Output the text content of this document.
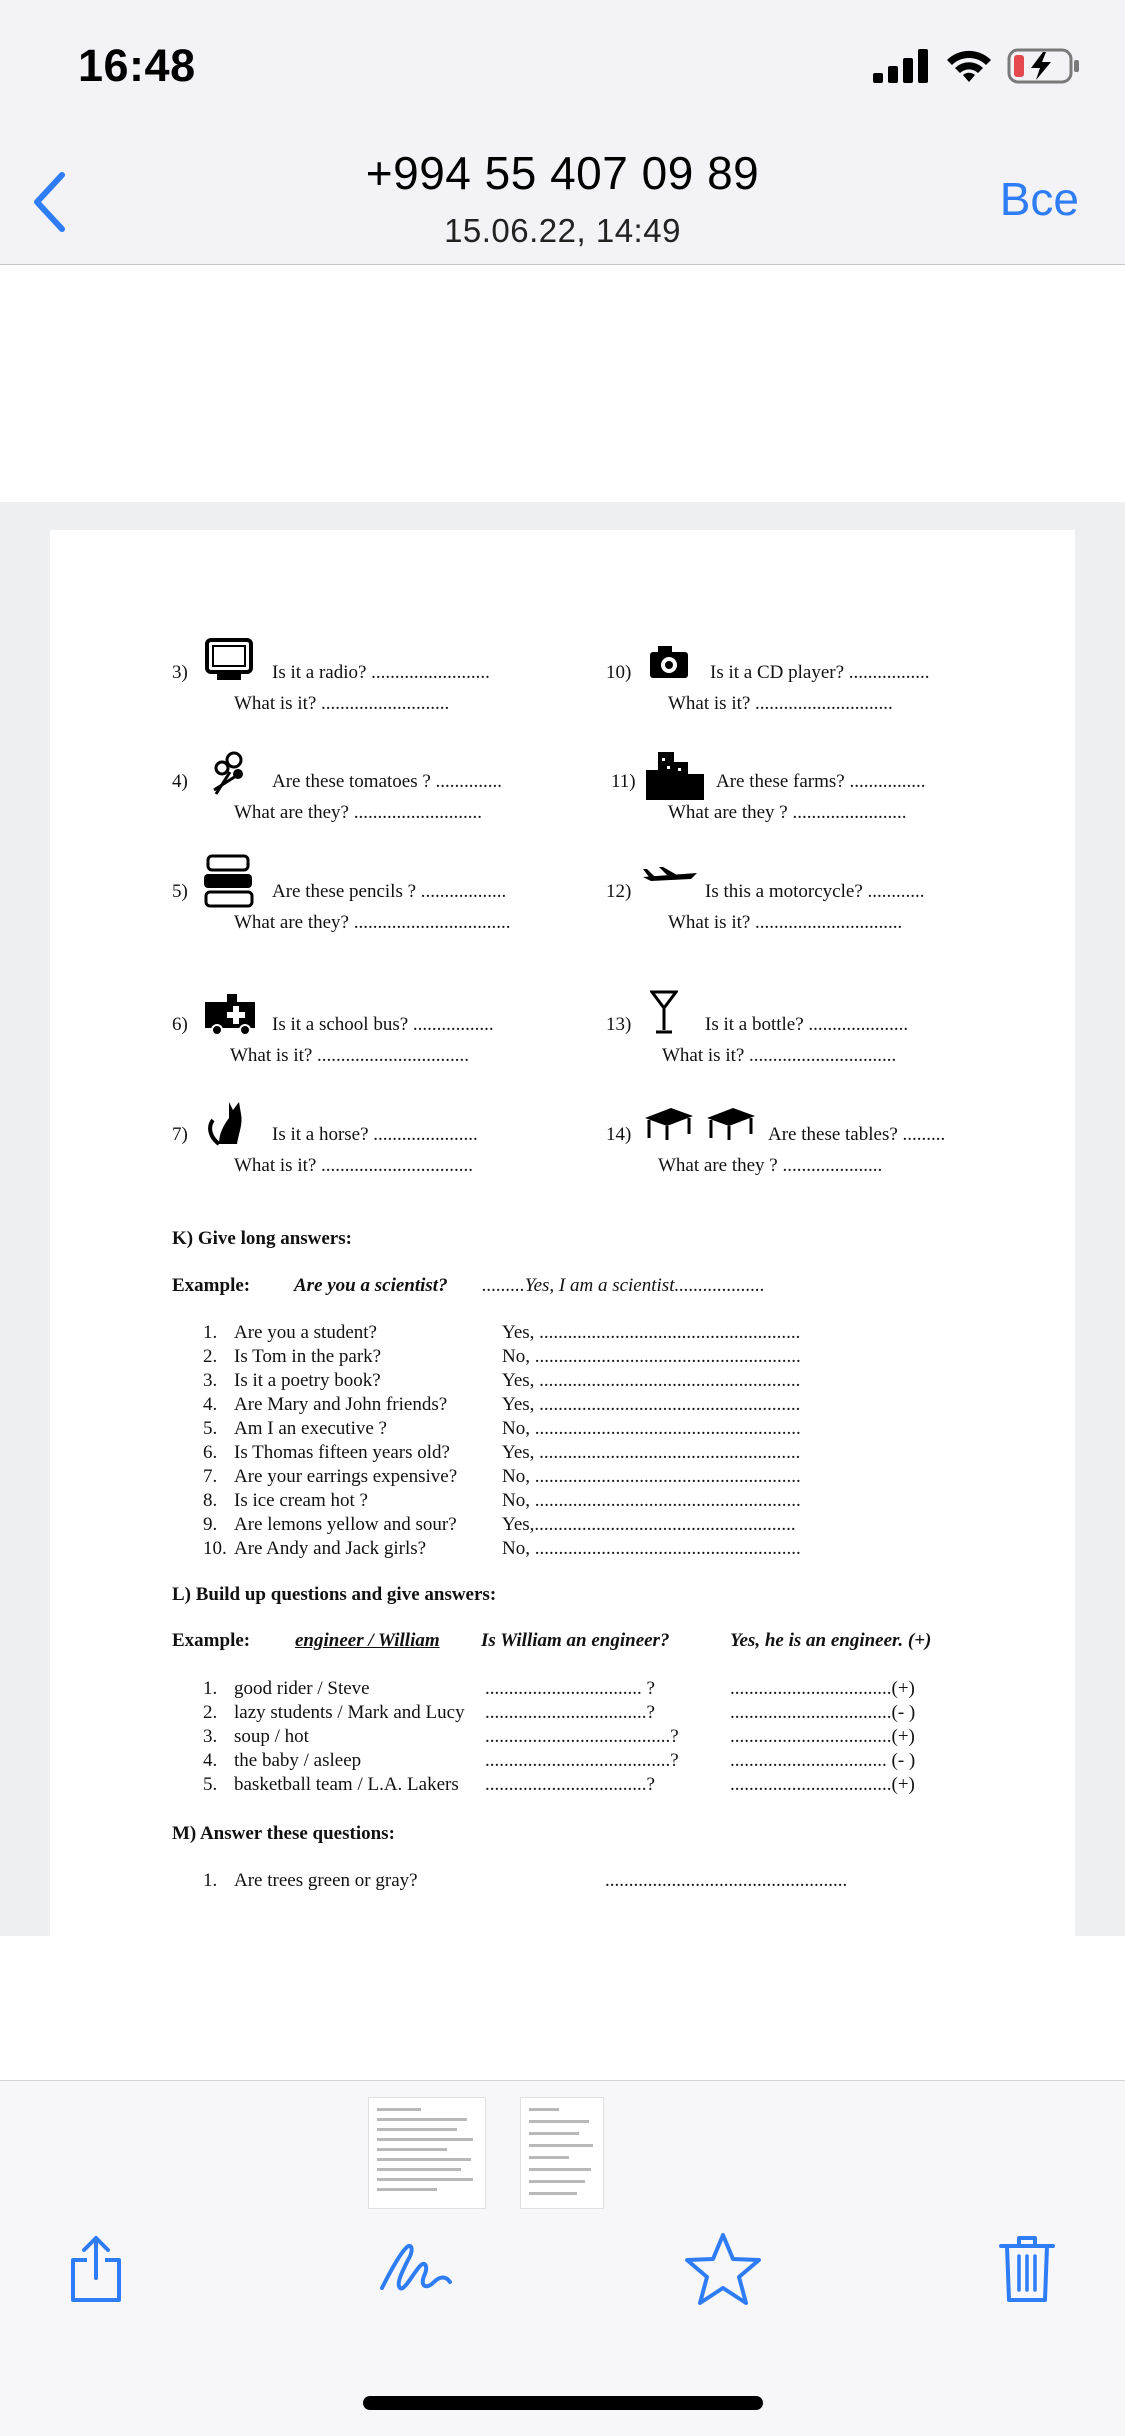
16:48
+994 55 407 09 89
15.06.22, 14:49
Все
3)	Is it a radio? .........................
What is it? ...........................
4)	Are these tomatoes ? ..............
What are they? ...........................
5)	Are these pencils ? ..................
What are they? .................................
6)	Is it a school bus? .................
What is it? ................................
7)	Is it a horse? ......................
What is it? ................................
10)	Is it a CD player? .................
What is it? .............................
11)	Are these farms? ................
What are they ? ........................
12)	Is this a motorcycle? ............
What is it? ...............................
13)	Is it a bottle? .....................
What is it? ...............................
14)	Are these tables? .........
What are they ? .....................
K) Give long answers:
Example: Are you a scientist? .........Yes, I am a scientist...................
1. Are you a student?	Yes, .......................................................
2. Is Tom in the park?	No, ........................................................
3. Is it a poetry book?	Yes, .......................................................
4. Are Mary and John friends?	Yes, .......................................................
5. Am I an executive ?	No, ........................................................
6. Is Thomas fifteen years old?	Yes, .......................................................
7. Are your earrings expensive? No, ........................................................
8. Is ice cream hot ?	No, ........................................................
9. Are lemons yellow and sour? Yes,.......................................................
10. Are Andy and Jack girls?	No, ........................................................
L) Build up questions and give answers:
Example: engineer / William Is William an engineer?	Yes, he is an engineer. (+)
1. good rider / Steve	................................. ?	..................................(+)
2. lazy students / Mark and Lucy ..................................?	..................................(- )
3. soup / hot	.......................................?	..................................(+)
4. the baby / asleep	.......................................?	................................. (- )
5. basketball team / L.A. Lakers ..................................?	..................................(+)
M) Answer these questions:
1. Are trees green or gray?	...................................................
